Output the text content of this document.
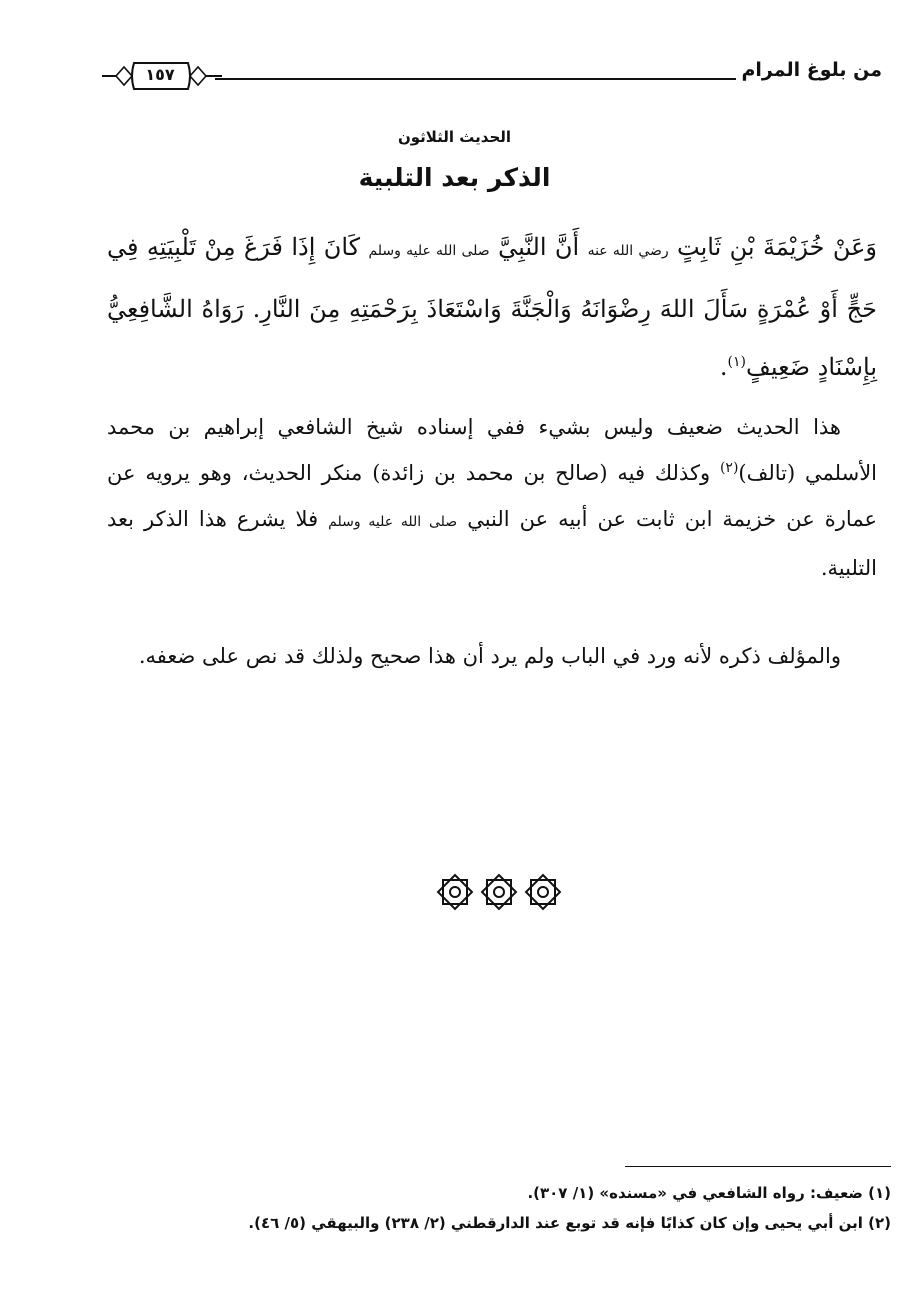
من بلوغ المرام
١٥٧
الحديث الثلاثون
الذكر بعد التلبية
وَعَنْ خُزَيْمَةَ بْنِ ثَابِتٍ رضي الله عنه أَنَّ النَّبِيَّ صلى الله عليه وسلم كَانَ إِذَا فَرَغَ مِنْ تَلْبِيَتِهِ فِي حَجٍّ أَوْ عُمْرَةٍ سَأَلَ اللهَ رِضْوَانَهُ وَالْجَنَّةَ وَاسْتَعَاذَ بِرَحْمَتِهِ مِنَ النَّارِ. رَوَاهُ الشَّافِعِيُّ بِإِسْنَادٍ ضَعِيفٍ$^{(١)}$.
هذا الحديث ضعيف وليس بشيء ففي إسناده شيخ الشافعي إبراهيم بن محمد الأسلمي (تالف)$^{(٢)}$ وكذلك فيه (صالح بن محمد بن زائدة) منكر الحديث، وهو يرويه عن عمارة عن خزيمة ابن ثابت عن أبيه عن النبي صلى الله عليه وسلم فلا يشرع هذا الذكر بعد التلبية.
والمؤلف ذكره لأنه ورد في الباب ولم يرد أن هذا صحيح ولذلك قد نص على ضعفه.
(١) ضعيف: رواه الشافعي في «مسنده» (١/ ٣٠٧).
(٢) ابن أبي يحيى وإن كان كذابًا فإنه قد توبع عند الدارقطني (٢/ ٢٣٨) والبيهقي (٥/ ٤٦).
